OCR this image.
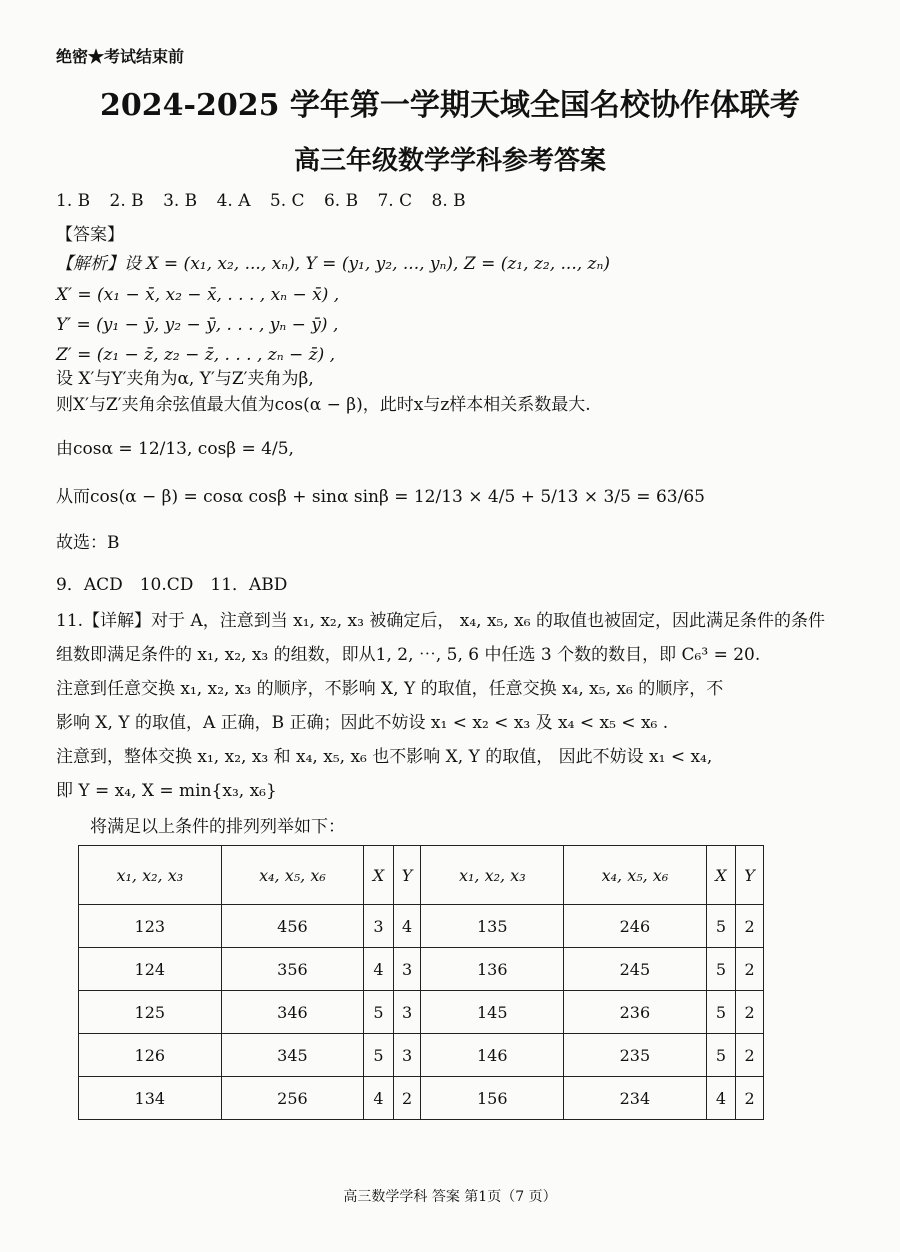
绝密★考试结束前
2024-2025 学年第一学期天域全国名校协作体联考
高三年级数学学科参考答案
1. B 2. B 3. B 4. A 5. C 6. B 7. C 8. B
【答案】
【解析】设 X = (x₁, x₂, ..., xₙ), Y = (y₁, y₂, ..., yₙ), Z = (z₁, z₂, ..., zₙ)
X′ = (x₁ − x̄, x₂ − x̄, . . . , xₙ − x̄) ,
Y′ = (y₁ − ȳ, y₂ − ȳ, . . . , yₙ − ȳ) ,
Z′ = (z₁ − z̄, z₂ − z̄, . . . , zₙ − z̄) ,
设 X′与Y′夹角为α, Y′与Z′夹角为β,
则X′与Z′夹角余弦值最大值为cos(α − β)，此时x与z样本相关系数最大.
由cosα = 12/13, cosβ = 4/5,
从而cos(α − β) = cosα cosβ + sinα sinβ = 12/13 × 4/5 + 5/13 × 3/5 = 63/65
故选：B
9．ACD　10.CD　11．ABD
11.【详解】对于 A，注意到当 x₁, x₂, x₃ 被确定后， x₄, x₅, x₆ 的取值也被固定，因此满足条件的条件
组数即满足条件的 x₁, x₂, x₃ 的组数，即从1, 2, ⋯, 5, 6 中任选 3 个数的数目，即 C₆³ = 20.
注意到任意交换 x₁, x₂, x₃ 的顺序，不影响 X, Y 的取值，任意交换 x₄, x₅, x₆ 的顺序，不
影响 X, Y 的取值，A 正确，B 正确；因此不妨设 x₁ < x₂ < x₃ 及 x₄ < x₅ < x₆ .
注意到，整体交换 x₁, x₂, x₃ 和 x₄, x₅, x₆ 也不影响 X, Y 的取值， 因此不妨设 x₁ < x₄,
即 Y = x₄, X = min{x₃, x₆}
将满足以上条件的排列列举如下：
x₁, x₂, x₃	x₄, x₅, x₆	X	Y	x₁, x₂, x₃	x₄, x₅, x₆	X	Y
123	456	3	4	135	246	5	2
124	356	4	3	136	245	5	2
125	346	5	3	145	236	5	2
126	345	5	3	146	235	5	2
134	256	4	2	156	234	4	2
高三数学学科 答案 第1页（7 页）
